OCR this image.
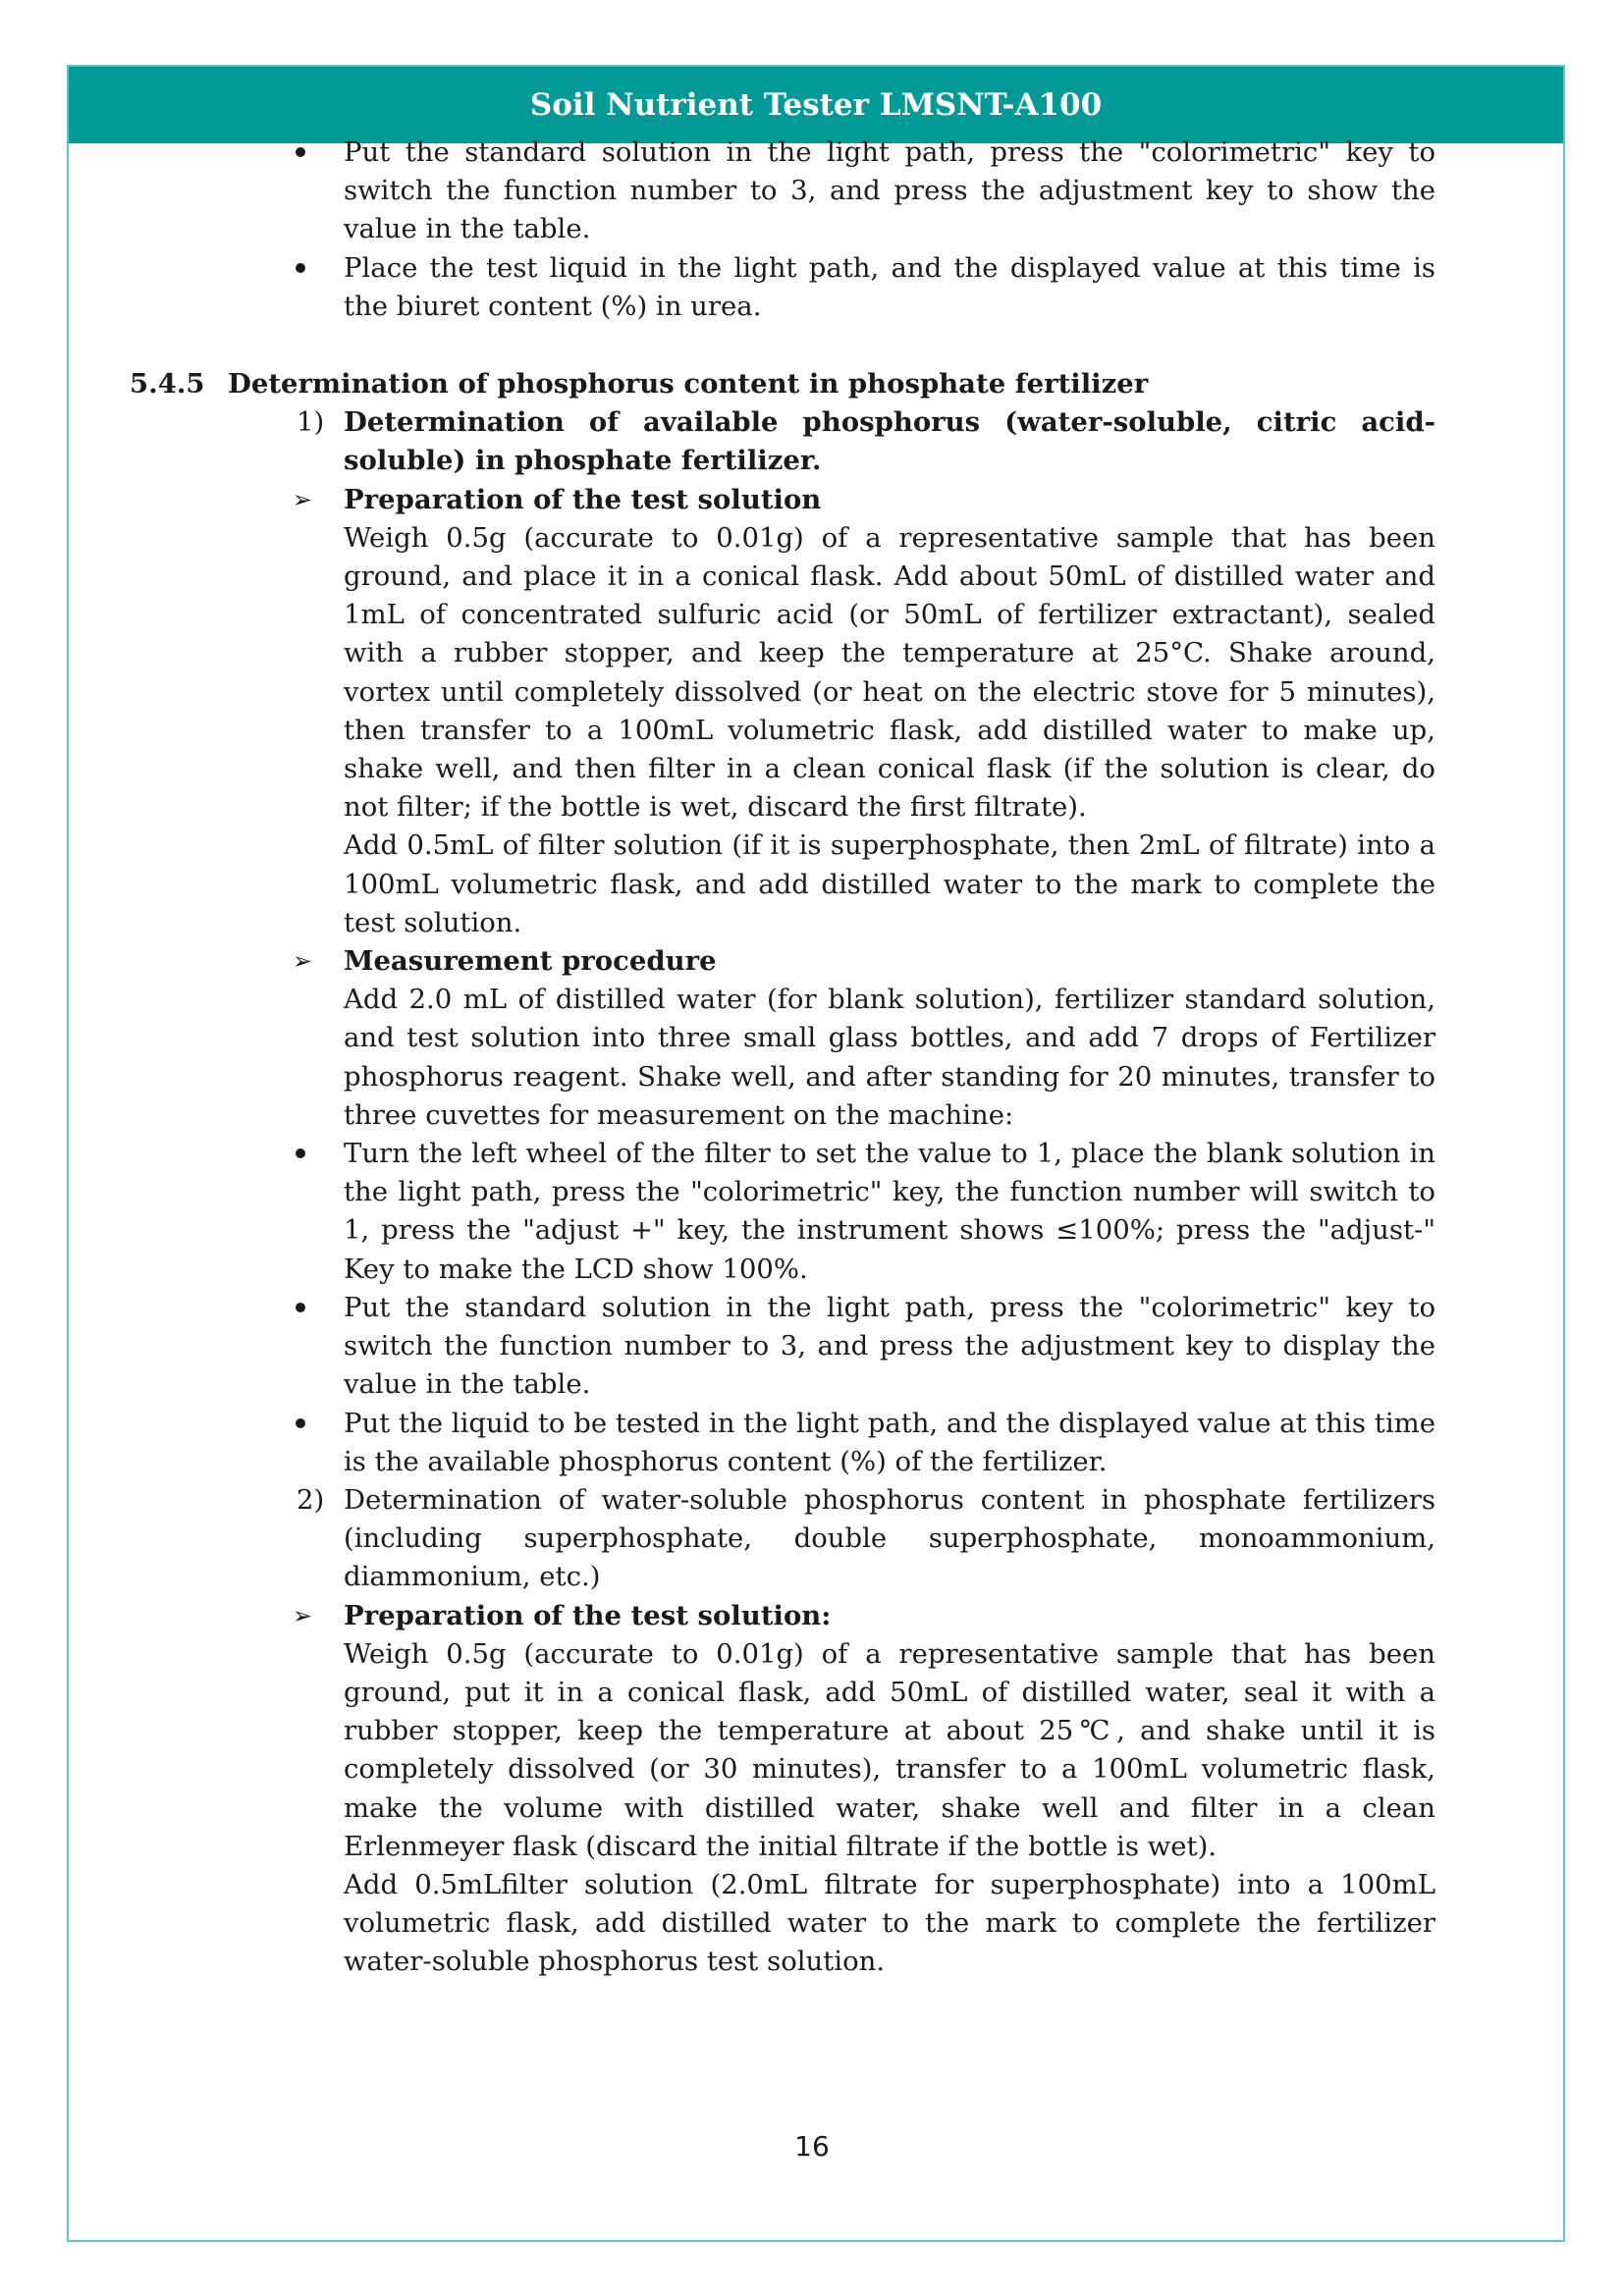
Soil Nutrient Tester LMSNT-A100

Put the standard solution in the light path, press the "colorimetric" key to switch the function number to 3, and press the adjustment key to show the value in the table.

Place the test liquid in the light path, and the displayed value at this time is the biuret content (%) in urea.

5.4.5 Determination of phosphorus content in phosphate fertilizer

1) Determination of available phosphorus (water-soluble, citric acid-soluble) in phosphate fertilizer.

➢ Preparation of the test solution

Weigh 0.5g (accurate to 0.01g) of a representative sample that has been ground, and place it in a conical flask. Add about 50mL of distilled water and 1mL of concentrated sulfuric acid (or 50mL of fertilizer extractant), sealed with a rubber stopper, and keep the temperature at 25°C. Shake around, vortex until completely dissolved (or heat on the electric stove for 5 minutes), then transfer to a 100mL volumetric flask, add distilled water to make up, shake well, and then filter in a clean conical flask (if the solution is clear, do not filter; if the bottle is wet, discard the first filtrate).

Add 0.5mL of filter solution (if it is superphosphate, then 2mL of filtrate) into a 100mL volumetric flask, and add distilled water to the mark to complete the test solution.

➢ Measurement procedure

Add 2.0 mL of distilled water (for blank solution), fertilizer standard solution, and test solution into three small glass bottles, and add 7 drops of Fertilizer phosphorus reagent. Shake well, and after standing for 20 minutes, transfer to three cuvettes for measurement on the machine:

Turn the left wheel of the filter to set the value to 1, place the blank solution in the light path, press the "colorimetric" key, the function number will switch to 1, press the "adjust +" key, the instrument shows ≤100%; press the "adjust-" Key to make the LCD show 100%.

Put the standard solution in the light path, press the "colorimetric" key to switch the function number to 3, and press the adjustment key to display the value in the table.

Put the liquid to be tested in the light path, and the displayed value at this time is the available phosphorus content (%) of the fertilizer.

2) Determination of water-soluble phosphorus content in phosphate fertilizers (including superphosphate, double superphosphate, monoammonium, diammonium, etc.)

➢ Preparation of the test solution:

Weigh 0.5g (accurate to 0.01g) of a representative sample that has been ground, put it in a conical flask, add 50mL of distilled water, seal it with a rubber stopper, keep the temperature at about 25℃, and shake until it is completely dissolved (or 30 minutes), transfer to a 100mL volumetric flask, make the volume with distilled water, shake well and filter in a clean Erlenmeyer flask (discard the initial filtrate if the bottle is wet).

Add 0.5mLfilter solution (2.0mL filtrate for superphosphate) into a 100mL volumetric flask, add distilled water to the mark to complete the fertilizer water-soluble phosphorus test solution.

16
